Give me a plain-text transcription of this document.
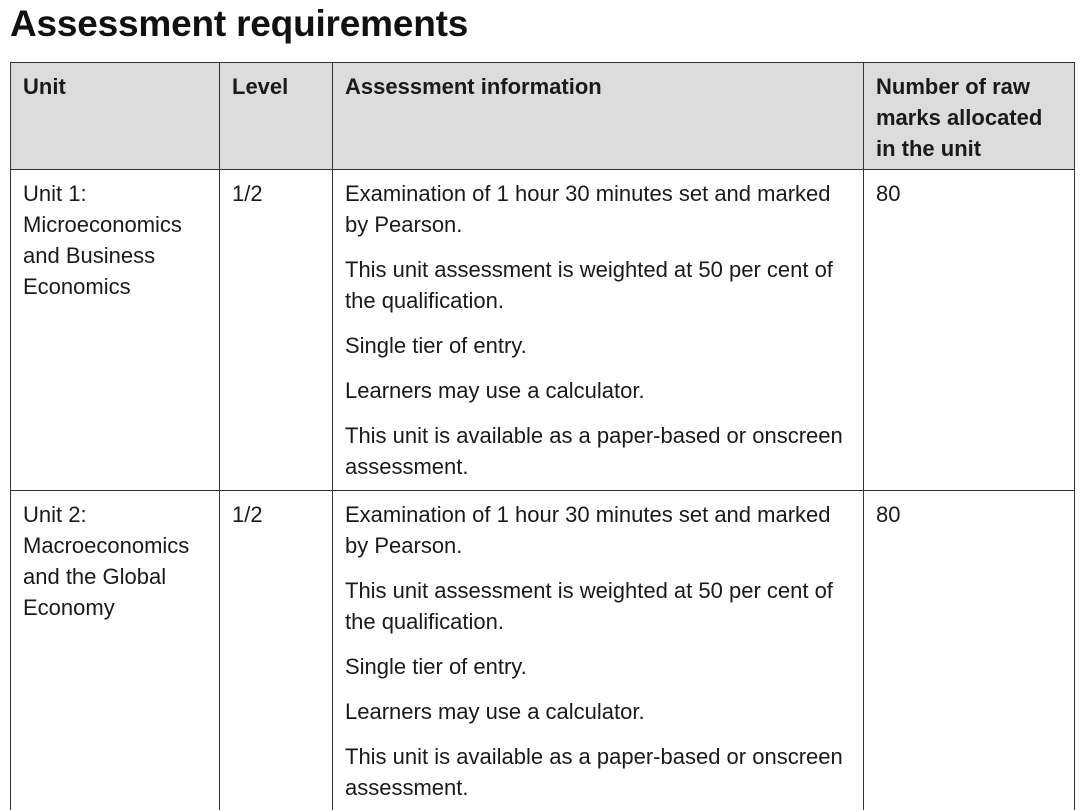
Assessment requirements
Unit	Level	Assessment information	Number of raw marks allocated in the unit
Unit 1: Microeconomics and Business Economics	1/2	Examination of 1 hour 30 minutes set and marked by Pearson.

This unit assessment is weighted at 50 per cent of the qualification.

Single tier of entry.

Learners may use a calculator.

This unit is available as a paper-based or onscreen assessment.	80
Unit 2: Macroeconomics and the Global Economy	1/2	Examination of 1 hour 30 minutes set and marked by Pearson.

This unit assessment is weighted at 50 per cent of the qualification.

Single tier of entry.

Learners may use a calculator.

This unit is available as a paper-based or onscreen assessment.	80
